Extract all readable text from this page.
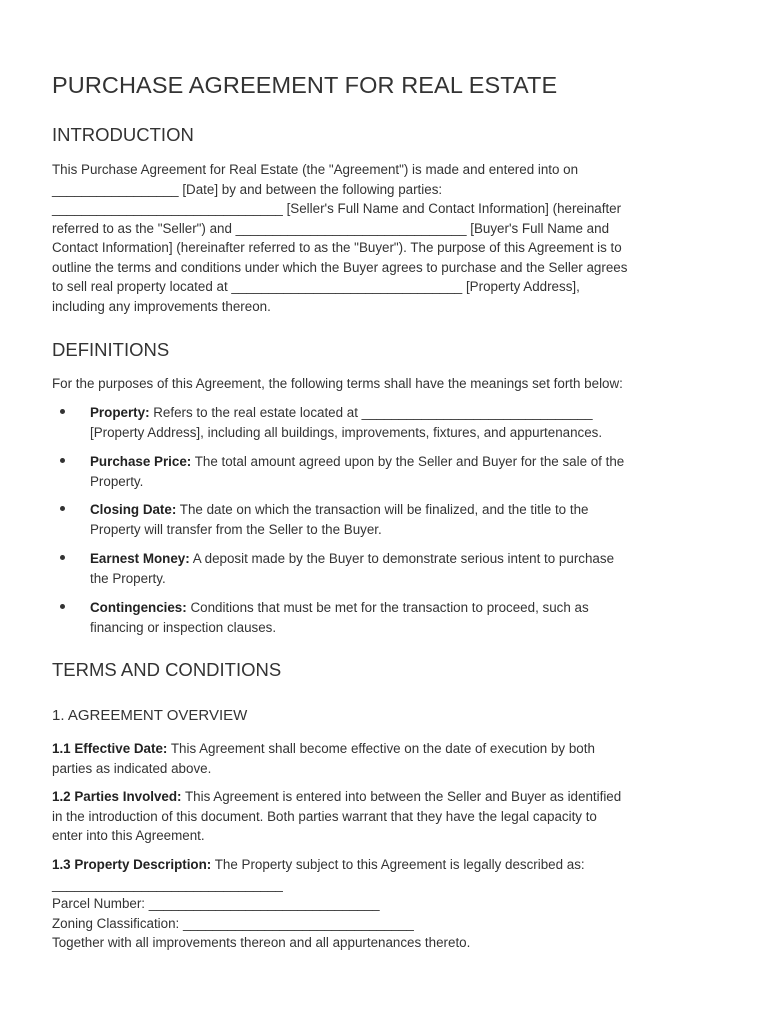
PURCHASE AGREEMENT FOR REAL ESTATE
INTRODUCTION
This Purchase Agreement for Real Estate (the "Agreement") is made and entered into on
_________________ [Date] by and between the following parties:
_______________________________ [Seller's Full Name and Contact Information] (hereinafter
referred to as the "Seller") and _______________________________ [Buyer's Full Name and
Contact Information] (hereinafter referred to as the "Buyer"). The purpose of this Agreement is to
outline the terms and conditions under which the Buyer agrees to purchase and the Seller agrees
to sell real property located at _______________________________ [Property Address],
including any improvements thereon.
DEFINITIONS
For the purposes of this Agreement, the following terms shall have the meanings set forth below:
Property: Refers to the real estate located at _______________________________
[Property Address], including all buildings, improvements, fixtures, and appurtenances.
Purchase Price: The total amount agreed upon by the Seller and Buyer for the sale of the
Property.
Closing Date: The date on which the transaction will be finalized, and the title to the
Property will transfer from the Seller to the Buyer.
Earnest Money: A deposit made by the Buyer to demonstrate serious intent to purchase
the Property.
Contingencies: Conditions that must be met for the transaction to proceed, such as
financing or inspection clauses.
TERMS AND CONDITIONS
1. AGREEMENT OVERVIEW
1.1 Effective Date: This Agreement shall become effective on the date of execution by both
parties as indicated above.
1.2 Parties Involved: This Agreement is entered into between the Seller and Buyer as identified
in the introduction of this document. Both parties warrant that they have the legal capacity to
enter into this Agreement.
1.3 Property Description: The Property subject to this Agreement is legally described as:
_______________________________
Parcel Number: _______________________________
Zoning Classification: _______________________________
Together with all improvements thereon and all appurtenances thereto.
